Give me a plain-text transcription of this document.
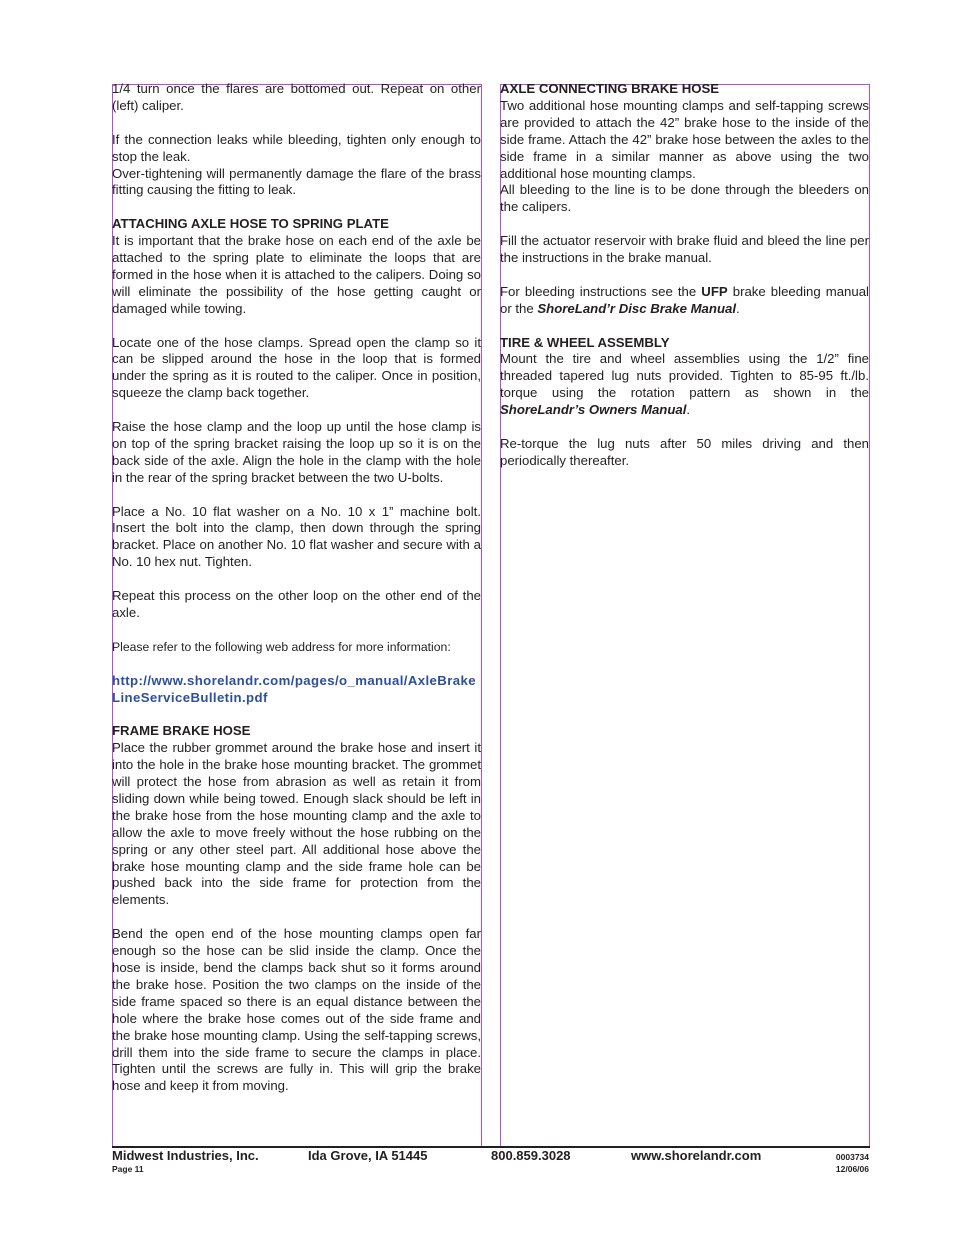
1/4 turn once the flares are bottomed out. Repeat on other (left) caliper.

If the connection leaks while bleeding, tighten only enough to stop the leak.

Over-tightening will permanently damage the flare of the brass fitting causing the fitting to leak.

ATTACHING AXLE HOSE TO SPRING PLATE

It is important that the brake hose on each end of the axle be attached to the spring plate to eliminate the loops that are formed in the hose when it is attached to the calipers. Doing so will eliminate the possibility of the hose getting caught or damaged while towing.

Locate one of the hose clamps. Spread open the clamp so it can be slipped around the hose in the loop that is formed under the spring as it is routed to the caliper. Once in position, squeeze the clamp back together.

Raise the hose clamp and the loop up until the hose clamp is on top of the spring bracket raising the loop up so it is on the back side of the axle. Align the hole in the clamp with the hole in the rear of the spring bracket between the two U-bolts.

Place a No. 10 flat washer on a No. 10 x 1” machine bolt. Insert the bolt into the clamp, then down through the spring bracket. Place on another No. 10 flat washer and secure with a No. 10 hex nut. Tighten.

Repeat this process on the other loop on the other end of the axle.

Please refer to the following web address for more information:

http://www.shorelandr.com/pages/o_manual/AxleBrakeLineServiceBulletin.pdf

FRAME BRAKE HOSE

Place the rubber grommet around the brake hose and insert it into the hole in the brake hose mounting bracket. The grommet will protect the hose from abrasion as well as retain it from sliding down while being towed. Enough slack should be left in the brake hose from the hose mounting clamp and the axle to allow the axle to move freely without the hose rubbing on the spring or any other steel part. All additional hose above the brake hose mounting clamp and the side frame hole can be pushed back into the side frame for protection from the elements.

Bend the open end of the hose mounting clamps open far enough so the hose can be slid inside the clamp. Once the hose is inside, bend the clamps back shut so it forms around the brake hose. Position the two clamps on the inside of the side frame spaced so there is an equal distance between the hole where the brake hose comes out of the side frame and the brake hose mounting clamp. Using the self-tapping screws, drill them into the side frame to secure the clamps in place. Tighten until the screws are fully in. This will grip the brake hose and keep it from moving.

AXLE CONNECTING BRAKE HOSE

Two additional hose mounting clamps and self-tapping screws are provided to attach the 42” brake hose to the inside of the side frame. Attach the 42” brake hose between the axles to the side frame in a similar manner as above using the two additional hose mounting clamps.

All bleeding to the line is to be done through the bleeders on the calipers.

Fill the actuator reservoir with brake fluid and bleed the line per the instructions in the brake manual.

For bleeding instructions see the UFP brake bleeding manual or the ShoreLand’r Disc Brake Manual.

TIRE & WHEEL ASSEMBLY

Mount the tire and wheel assemblies using the 1/2” fine threaded tapered lug nuts provided. Tighten to 85-95 ft./lb. torque using the rotation pattern as shown in the ShoreLandr’s Owners Manual.

Re-torque the lug nuts after 50 miles driving and then periodically thereafter.

Midwest Industries, Inc.	Ida Grove, IA 51445	800.859.3028	www.shorelandr.com
Page 11
0003734
12/06/06
